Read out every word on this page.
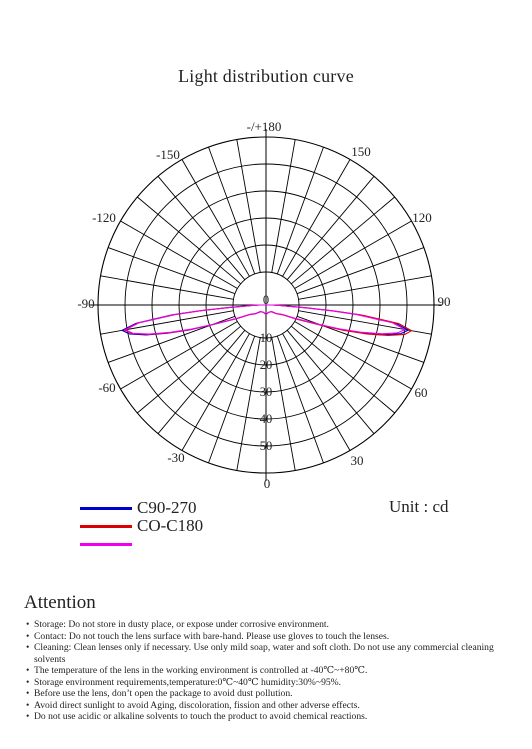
Light distribution curve
-/+180
-150	150
-120	120
-90	90
-60	60
-30	30
0
0
10
20
30
40
50
C90-270
CO-C180
Unit : cd
Attention
• Storage: Do not store in dusty place, or expose under corrosive environment.
• Contact: Do not touch the lens surface with bare-hand. Please use gloves to touch the lenses.
• Cleaning: Clean lenses only if necessary. Use only mild soap, water and soft cloth. Do not use any commercial cleaning solvents
• The temperature of the lens in the working environment is controlled at -40℃~+80℃.
• Storage environment requirements,temperature:0℃~40℃ humidity:30%~95%.
• Before use the lens, don’t open the package to avoid dust pollution.
• Avoid direct sunlight to avoid Aging, discoloration, fission and other adverse effects.
• Do not use acidic or alkaline solvents to touch the product to avoid chemical reactions.
